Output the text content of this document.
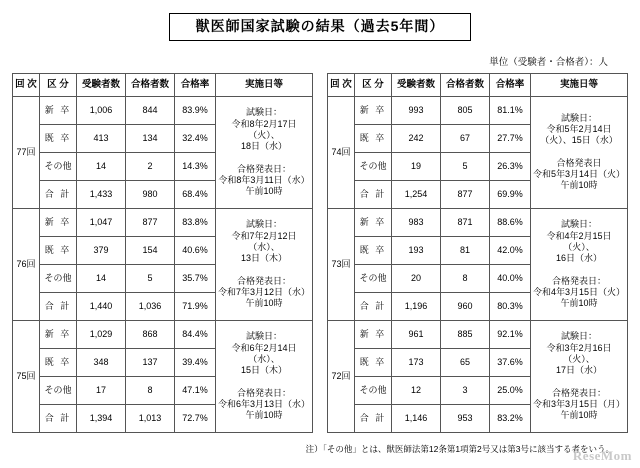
獣医師国家試験の結果（過去5年間）
単位（受験者・合格者）：人
回 次	区 分	受験者数	合格者数	合格率	実施日等
77回	新 卒	1,006	844	83.9%	試験日：
令和8年2月17日（火）、
18日（水）

合格発表日：
令和8年3月11日（水）
午前10時

	既 卒	413	134	32.4%	
	その他	14	2	14.3%	
	合 計	1,433	980	68.4%	
76回	新 卒	1,047	877	83.8%	試験日：
令和7年2月12日（水）、
13日（木）

合格発表日：
令和7年3月12日（水）
午前10時

	既 卒	379	154	40.6%	
	その他	14	5	35.7%	
	合 計	1,440	1,036	71.9%	
75回	新 卒	1,029	868	84.4%	試験日：
令和6年2月14日（水）、
15日（木）

合格発表日：
令和6年3月13日（水）
午前10時

	既 卒	348	137	39.4%	
	その他	17	8	47.1%	
	合 計	1,394	1,013	72.7%	
回 次	区 分	受験者数	合格者数	合格率	実施日等
74回	新 卒	993	805	81.1%	
試験日：
令和5年2月14日
（火）、15日（水）

合格発表日
令和5年3月14日（火）
午前10時

	既 卒	242	67	27.7%	
	その他	19	5	26.3%	
	合 計	1,254	877	69.9%	
73回	新 卒	983	871	88.6%	試験日：
令和4年2月15日（火）、
16日（水）

合格発表日：
令和4年3月15日（火）
午前10時

	既 卒	193	81	42.0%	
	その他	20	8	40.0%	
	合 計	1,196	960	80.3%	
72回	新 卒	961	885	92.1%	試験日：
令和3年2月16日（火）、
17日（水）

合格発表日：
令和3年3月15日（月）
午前10時

	既 卒	173	65	37.6%	
	その他	12	3	25.0%	
	合 計	1,146	953	83.2%	
注）「その他」とは、獣医師法第12条第1項第2号又は第3号に該当する者をいう。
ReseMom
